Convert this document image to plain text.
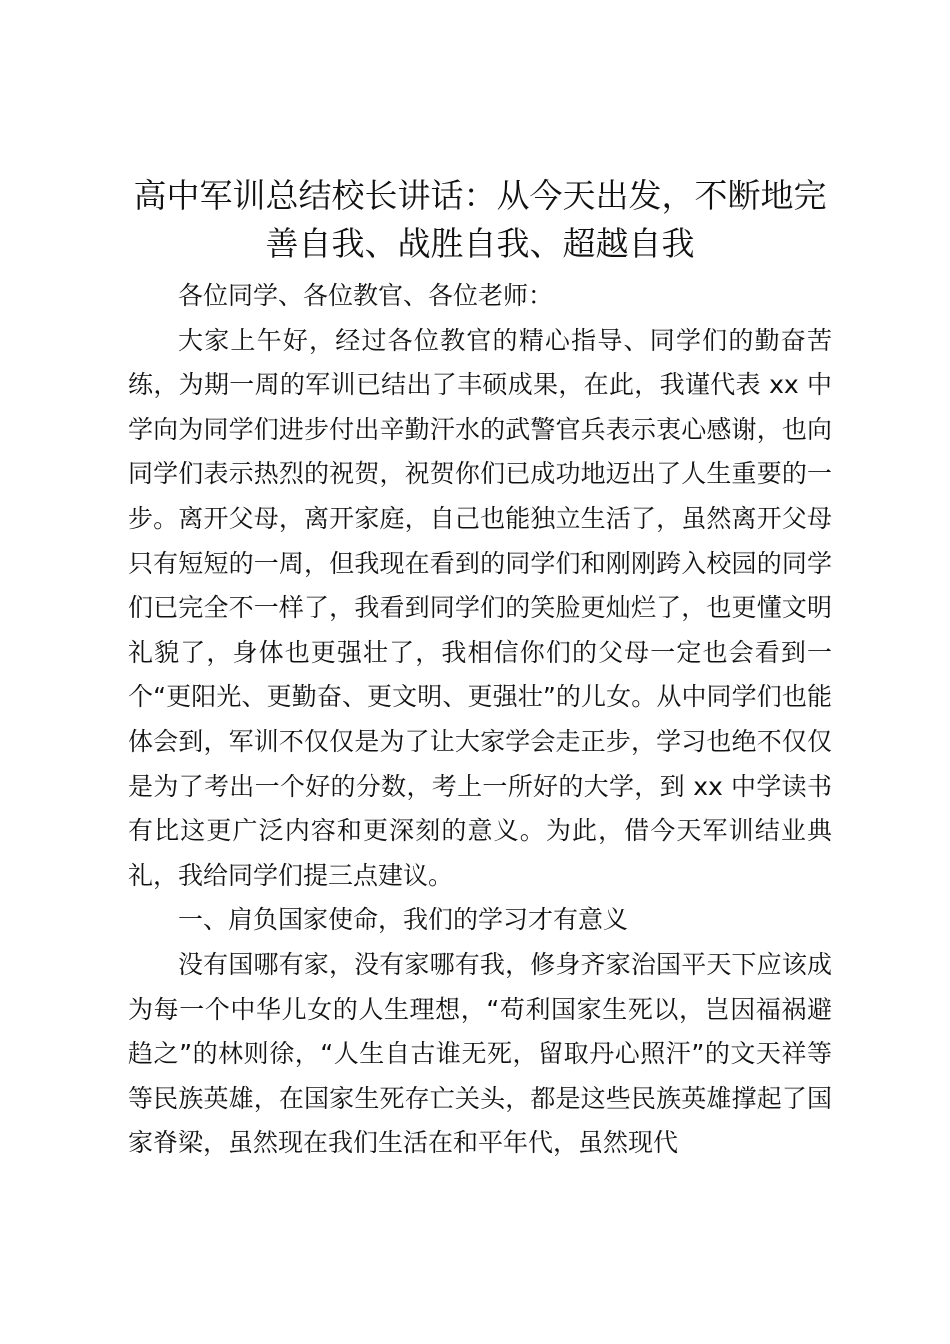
高中军训总结校长讲话：从今天出发，不断地完善自我、战胜自我、超越自我

各位同学、各位教官、各位老师：

大家上午好，经过各位教官的精心指导、同学们的勤奋苦练，为期一周的军训已结出了丰硕成果，在此，我谨代表 xx 中学向为同学们进步付出辛勤汗水的武警官兵表示衷心感谢，也向同学们表示热烈的祝贺，祝贺你们已成功地迈出了人生重要的一步。离开父母，离开家庭，自己也能独立生活了，虽然离开父母只有短短的一周，但我现在看到的同学们和刚刚跨入校园的同学们已完全不一样了，我看到同学们的笑脸更灿烂了，也更懂文明礼貌了，身体也更强壮了，我相信你们的父母一定也会看到一个“更阳光、更勤奋、更文明、更强壮”的儿女。从中同学们也能体会到，军训不仅仅是为了让大家学会走正步，学习也绝不仅仅是为了考出一个好的分数，考上一所好的大学，到 xx 中学读书有比这更广泛内容和更深刻的意义。为此，借今天军训结业典礼，我给同学们提三点建议。

一、肩负国家使命，我们的学习才有意义

没有国哪有家，没有家哪有我，修身齐家治国平天下应该成为每一个中华儿女的人生理想，“苟利国家生死以，岂因福祸避趋之”的林则徐，“人生自古谁无死，留取丹心照汗”的文天祥等等民族英雄，在国家生死存亡关头，都是这些民族英雄撑起了国家脊梁，虽然现在我们生活在和平年代，虽然现代
